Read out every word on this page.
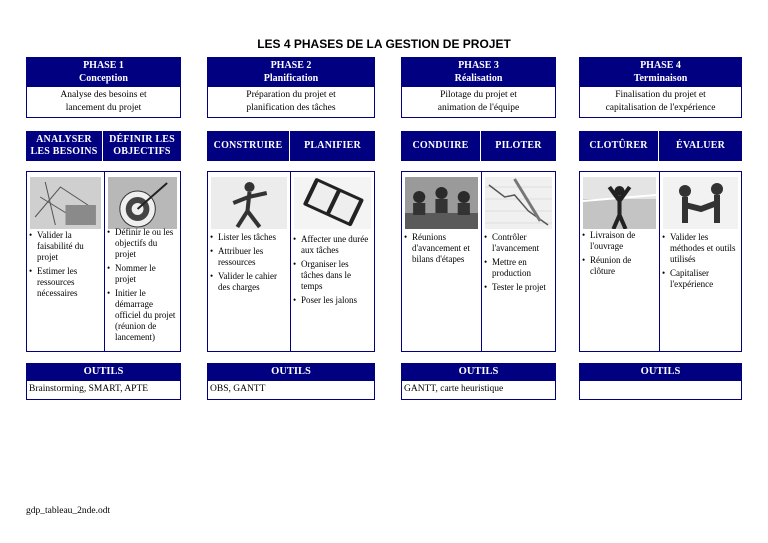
LES 4 PHASES DE LA GESTION DE PROJET
PHASE 1
Conception
Analyse des besoins et
lancement du projet
ANALYSER
LES BESOINS
DÉFINIR LES
OBJECTIFS
• Valider la faisabilité du projet
• Estimer les ressources nécessaires
• Définir le ou les objectifs du projet
• Nommer le projet
• Initier le démarrage officiel du projet (réunion de lancement)
OUTILS
Brainstorming, SMART, APTE
PHASE 2
Planification
Préparation du projet et
planification des tâches
CONSTRUIRE PLANIFIER
• Lister les tâches
• Attribuer les ressources
• Valider le cahier des charges
• Affecter une durée aux tâches
• Organiser les tâches dans le temps
• Poser les jalons
OUTILS
OBS, GANTT
PHASE 3
Réalisation
Pilotage du projet et
animation de l'équipe
CONDUIRE	PILOTER
• Réunions d'avancement et bilans d'étapes
• Contrôler l'avancement
• Mettre en production
• Tester le projet
OUTILS
GANTT, carte heuristique
PHASE 4
Terminaison
Finalisation du projet et
capitalisation de l'expérience
CLOTÛRER	ÉVALUER
• Livraison de l'ouvrage
• Réunion de clôture
• Valider les méthodes et outils utilisés
• Capitaliser l'expérience
OUTILS
gdp_tableau_2nde.odt
